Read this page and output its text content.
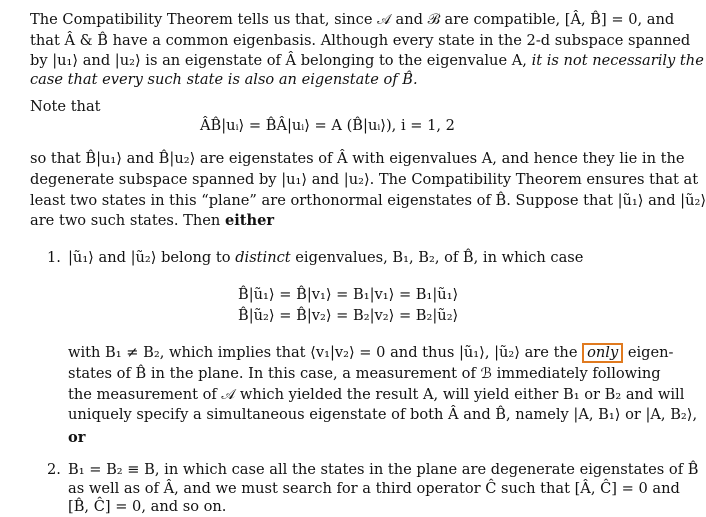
The Compatibility Theorem tells us that, since 𝒜 and ℬ are compatible, [Â, B̂] = 0, and
that Â & B̂ have a common eigenbasis. Although every state in the 2-d subspace spanned
by |u₁⟩ and |u₂⟩ is an eigenstate of Â belonging to the eigenvalue A, it is not necessarily the
case that every such state is also an eigenstate of B̂.
Note that
ÂB̂|uᵢ⟩ = B̂Â|uᵢ⟩ = A (B̂|uᵢ⟩), i = 1, 2
so that B̂|u₁⟩ and B̂|u₂⟩ are eigenstates of Â with eigenvalues A, and hence they lie in the
degenerate subspace spanned by |u₁⟩ and |u₂⟩. The Compatibility Theorem ensures that at
least two states in this “plane” are orthonormal eigenstates of B̂. Suppose that |ũ₁⟩ and |ũ₂⟩
are two such states. Then either
1. |ũ₁⟩ and |ũ₂⟩ belong to distinct eigenvalues, B₁, B₂, of B̂, in which case
B̂|ũ₁⟩ = B̂|v₁⟩ = B₁|v₁⟩ = B₁|ũ₁⟩
B̂|ũ₂⟩ = B̂|v₂⟩ = B₂|v₂⟩ = B₂|ũ₂⟩
with B₁ ≠ B₂, which implies that ⟨v₁|v₂⟩ = 0 and thus |ũ₁⟩, |ũ₂⟩ are the only eigen-
states of B̂ in the plane. In this case, a measurement of ℬ immediately following
the measurement of 𝒜 which yielded the result A, will yield either B₁ or B₂ and will
uniquely specify a simultaneous eigenstate of both Â and B̂, namely |A, B₁⟩ or |A, B₂⟩,
or
2. B₁ = B₂ ≡ B, in which case all the states in the plane are degenerate eigenstates of B̂
as well as of Â, and we must search for a third operator Ĉ such that [Â, Ĉ] = 0 and
[B̂, Ĉ] = 0, and so on.
